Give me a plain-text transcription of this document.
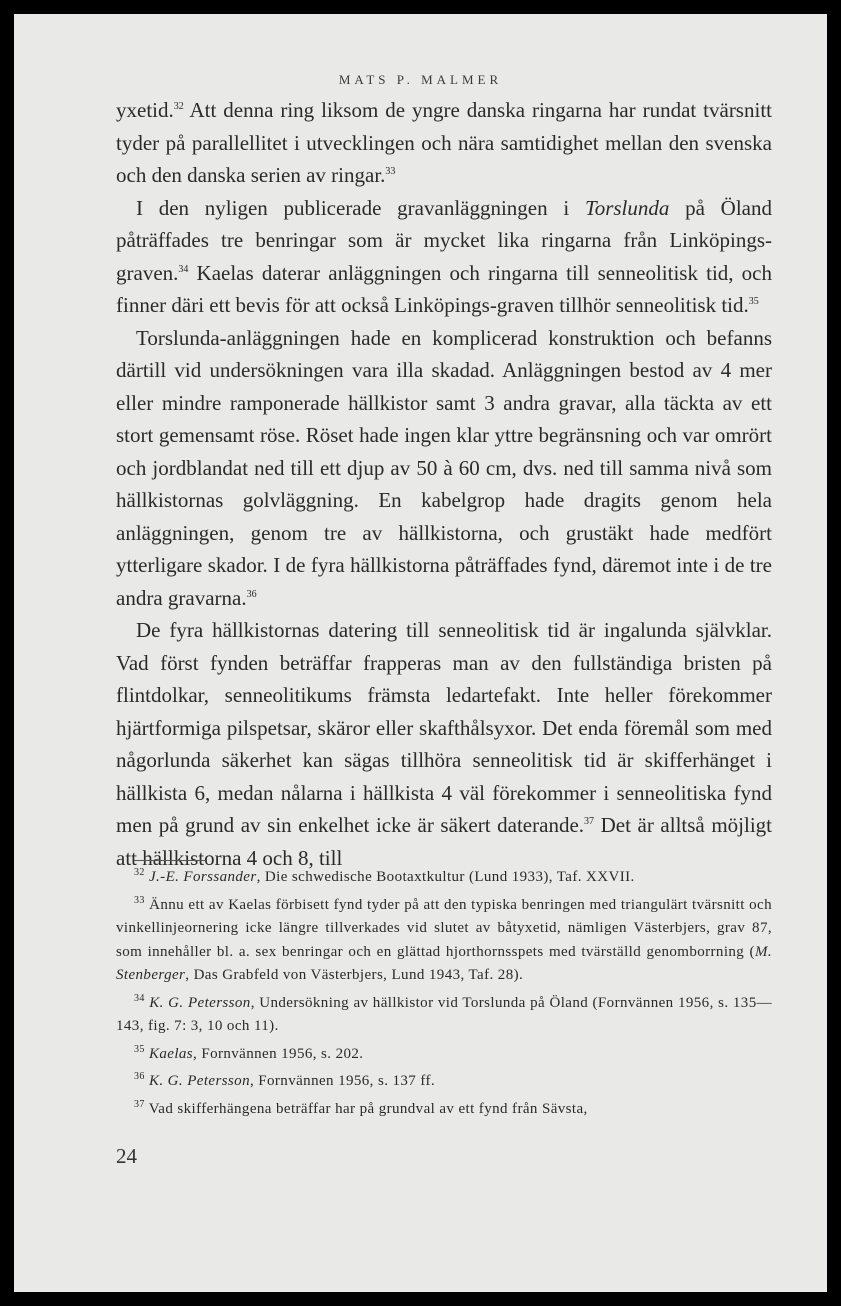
MATS P. MALMER

yxetid.$^{32}$ Att denna ring liksom de yngre danska ringarna har rundat tvärsnitt tyder på parallellitet i utvecklingen och nära samtidighet mellan den svenska och den danska serien av ringar.$^{33}$

I den nyligen publicerade gravanläggningen i Torslunda på Öland påträffades tre benringar som är mycket lika ringarna från Linköpings-graven.$^{34}$ Kaelas daterar anläggningen och ringarna till senneolitisk tid, och finner däri ett bevis för att också Linköpings-graven tillhör senneolitisk tid.$^{35}$

Torslunda-anläggningen hade en komplicerad konstruktion och befanns därtill vid undersökningen vara illa skadad. Anläggningen bestod av 4 mer eller mindre ramponerade hällkistor samt 3 andra gravar, alla täckta av ett stort gemensamt röse. Röset hade ingen klar yttre begränsning och var omrört och jordblandat ned till ett djup av 50 à 60 cm, dvs. ned till samma nivå som hällkistornas golvläggning. En kabelgrop hade dragits genom hela anläggningen, genom tre av hällkistorna, och grustäkt hade medfört ytterligare skador. I de fyra hällkistorna påträffades fynd, däremot inte i de tre andra gravarna.$^{36}$

De fyra hällkistornas datering till senneolitisk tid är ingalunda självklar. Vad först fynden beträffar frapperas man av den fullständiga bristen på flintdolkar, senneolitikums främsta ledartefakt. Inte heller förekommer hjärtformiga pilspetsar, skäror eller skafthålsyxor. Det enda föremål som med någorlunda säkerhet kan sägas tillhöra senneolitisk tid är skifferhänget i hällkista 6, medan nålarna i hällkista 4 väl förekommer i senneolitiska fynd men på grund av sin enkelhet icke är säkert daterande.$^{37}$ Det är alltså möjligt att hällkistorna 4 och 8, till

$^{32}$ J.-E. Forssander, Die schwedische Bootaxtkultur (Lund 1933), Taf. XXVII.

$^{33}$ Ännu ett av Kaelas förbisett fynd tyder på att den typiska benringen med triangulärt tvärsnitt och vinkellinjeornering icke längre tillverkades vid slutet av båtyxetid, nämligen Västerbjers, grav 87, som innehåller bl. a. sex benringar och en glättad hjorthornsspets med tvärställd genomborrning (M. Stenberger, Das Grabfeld von Västerbjers, Lund 1943, Taf. 28).

$^{34}$ K. G. Petersson, Undersökning av hällkistor vid Torslunda på Öland (Fornvännen 1956, s. 135—143, fig. 7: 3, 10 och 11).

$^{35}$ Kaelas, Fornvännen 1956, s. 202.

$^{36}$ K. G. Petersson, Fornvännen 1956, s. 137 ff.

$^{37}$ Vad skifferhängena beträffar har på grundval av ett fynd från Sävsta,

24
